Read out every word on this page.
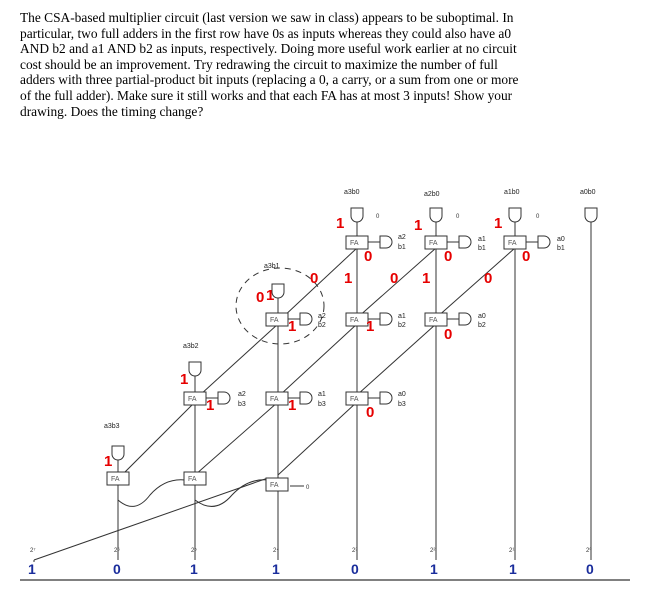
The CSA-based multiplier circuit (last version we saw in class) appears to be suboptimal. In particular, two full adders in the first row have 0s as inputs whereas they could also have a0 AND b2 and a1 AND b2 as inputs, respectively. Doing more useful work earlier at no circuit cost should be an improvement. Try redrawing the circuit to maximize the number of full adders with three partial-product bit inputs (replacing a 0, a carry, or a sum from one or more of the full adder). Make sure it still works and that each FA has at most 3 inputs! Show your drawing. Does the timing change?
a3b0	a2b0	a1b0	a0b0
a3b1
a3b2
a3b3
FA	FA	FA
a2
b1
a1
b1
a0
b1
FA	FA	FA
a2
b2
a1
b2
a0
b2
FA	FA	FA
a2
b3
a1
b3
a0
b3
FA	FA
FA	0
0	0	0
1	1	1
0	0	0
0 1	0 1	0
0 1
1	1	0
1
1	1	0
1
2⁷	2⁶	2⁵	2⁴	2³	2²	2¹	2⁰
1	0	1	1	0	1	1	0
